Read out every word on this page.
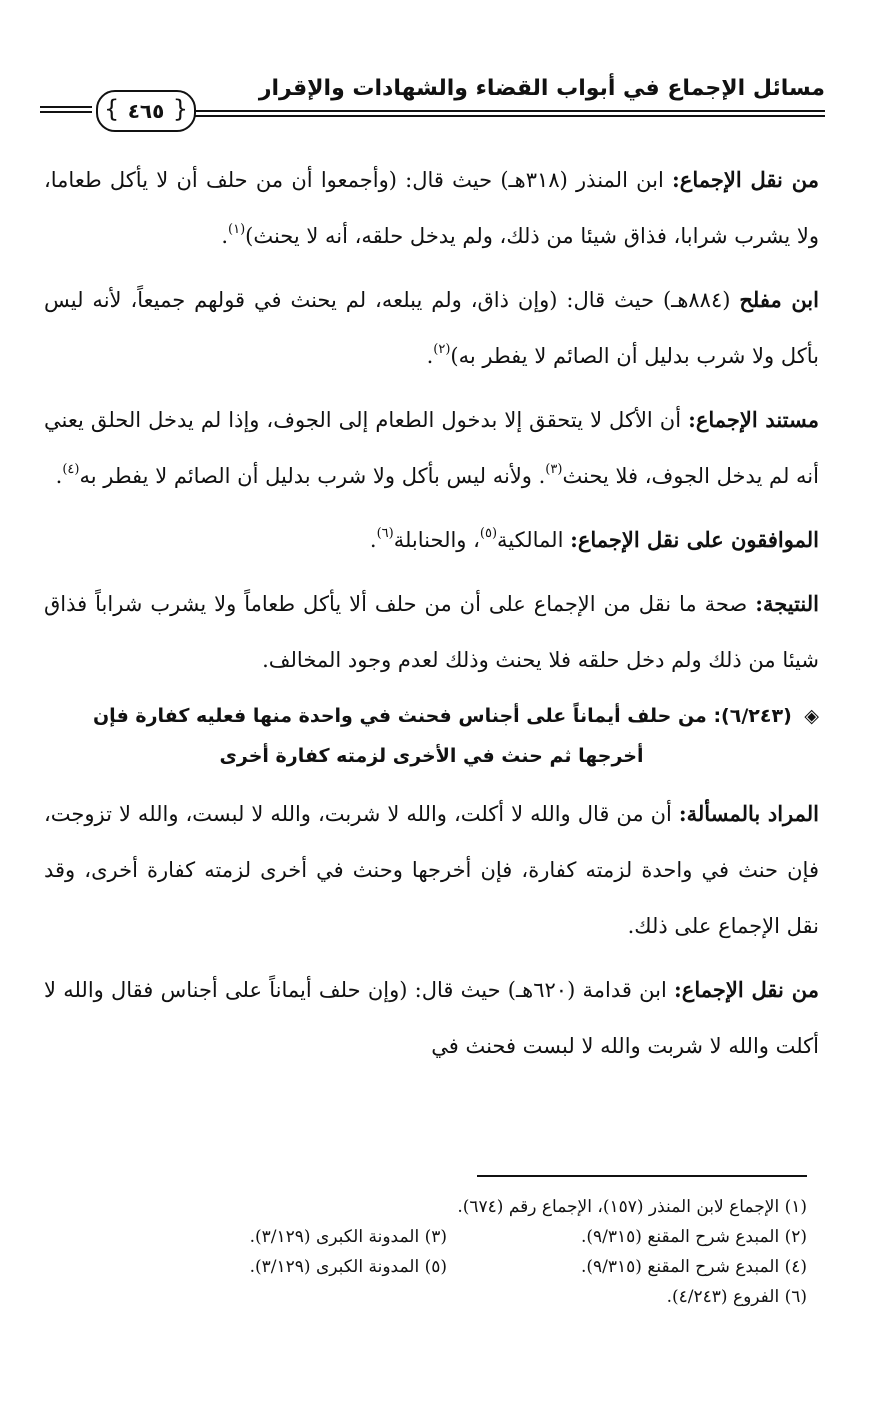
مسائل الإجماع في أبواب القضاء والشهادات والإقرار
{ ٤٦٥
}

من نقل الإجماع: ابن المنذر (٣١٨هـ) حيث قال: (وأجمعوا أن من حلف أن لا يأكل طعاما، ولا يشرب شرابا، فذاق شيئا من ذلك، ولم يدخل حلقه، أنه لا يحنث)$^{(١)}$.

ابن مفلح (٨٨٤هـ) حيث قال: (وإن ذاق، ولم يبلعه، لم يحنث في قولهم جميعاً، لأنه ليس بأكل ولا شرب بدليل أن الصائم لا يفطر به)$^{(٢)}$.

مستند الإجماع: أن الأكل لا يتحقق إلا بدخول الطعام إلى الجوف، وإذا لم يدخل الحلق يعني أنه لم يدخل الجوف، فلا يحنث$^{(٣)}$. ولأنه ليس بأكل ولا شرب بدليل أن الصائم لا يفطر به$^{(٤)}$.

الموافقون على نقل الإجماع: المالكية$^{(٥)}$، والحنابلة$^{(٦)}$.

النتيجة: صحة ما نقل من الإجماع على أن من حلف ألا يأكل طعاماً ولا يشرب شراباً فذاق شيئا من ذلك ولم دخل حلقه فلا يحنث وذلك لعدم وجود المخالف.

◈ (٦/٢٤٣): من حلف أيماناً على أجناس فحنث في واحدة منها فعليه كفارة فإن
أخرجها ثم حنث في الأخرى لزمته كفارة أخرى

المراد بالمسألة: أن من قال والله لا أكلت، والله لا شربت، والله لا لبست، والله لا تزوجت، فإن حنث في واحدة لزمته كفارة، فإن أخرجها وحنث في أخرى لزمته كفارة أخرى، وقد نقل الإجماع على ذلك.

من نقل الإجماع: ابن قدامة (٦٢٠هـ) حيث قال: (وإن حلف أيماناً على أجناس فقال والله لا أكلت والله لا شربت والله لا لبست فحنث في

(١) الإجماع لابن المنذر (١٥٧)، الإجماع رقم (٦٧٤).
(٢) المبدع شرح المقنع (٩/٣١٥).
(٣) المدونة الكبرى (٣/١٢٩).
(٤) المبدع شرح المقنع (٩/٣١٥).
(٥) المدونة الكبرى (٣/١٢٩).
(٦) الفروع (٤/٢٤٣).
